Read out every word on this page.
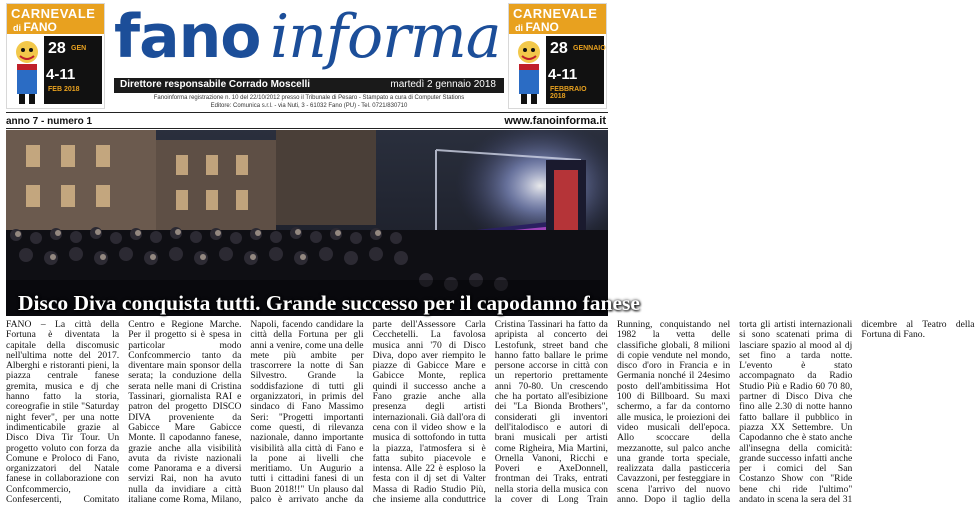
CARNEVALE
di FANO
28 GEN
4-11
FEB 2018
fano informa CARNEVALE
di FANO
28 GENNAIO
4-11
FEBBRAIO 2018
Direttore responsabile Corrado Moscelli	martedì 2 gennaio 2018
Fanoinforma registrazione n. 10 del 22/10/2012 presso il Tribunale di Pesaro - Stampato a cura di Computer Stations
Editore: Comunica s.r.l. - via Nuti, 3 - 61032 Fano (PU) - Tel. 0721/830710
anno 7 - numero 1	www.fanoinforma.it
Disco Diva conquista tutti. Grande successo per il capodanno fanese

FANO – La città della Fortuna è diventata la capitale della discomusic nell'ultima notte del 2017. Alberghi e ristoranti pieni, la piazza centrale fanese gremita, musica e dj che hanno fatto la storia, coreografie in stile "Saturday night fever", per una notte indimenticabile grazie al Disco Diva Tir Tour. Un progetto voluto con forza da Comune e Proloco di Fano, organizzatori del Natale fanese in collaborazione con Confcommercio, Confesercenti, Comitato Centro e Regione Marche. Per il progetto si è spesa in particolar modo Confcommercio tanto da diventare main sponsor della serata; la conduzione della serata nelle mani di Cristina Tassinari, giornalista RAI e patron del progetto DISCO DIVA proveniente da Gabicce Mare Gabicce Monte. Il capodanno fanese, grazie anche alla visibilità avuta da riviste nazionali come Panorama e a diversi servizi Rai, non ha avuto nulla da invidiare a città italiane come Roma, Milano, Napoli, facendo candidare la città della Fortuna per gli anni a venire, come una delle mete più ambite per trascorrere la notte di San Silvestro. Grande la soddisfazione di tutti gli organizzatori, in primis del sindaco di Fano Massimo Seri: "Progetti importanti come questi, di rilevanza nazionale, danno importante visibilità alla città di Fano e la pone ai livelli che meritiamo. Un Augurio a tutti i cittadini fanesi di un Buon 2018!!" Un plauso dal palco è arrivato anche da parte dell'Assessore Carla Cecchetelli. La favolosa musica anni '70 di Disco Diva, dopo aver riempito le piazze di Gabicce Mare e Gabicce Monte, replica quindi il successo anche a Fano grazie anche alla presenza degli artisti internazionali. Già dall'ora di cena con il video show e la musica di sottofondo in tutta la piazza, l'atmosfera si è fatta subito piacevole e intensa. Alle 22 è esploso la festa con il dj set di Valter Massa di Radio Studio Più, che insieme alla conduttrice Cristina Tassinari ha fatto da apripista al concerto dei Lestofunk, street band che hanno fatto ballare le prime persone accorse in città con un repertorio prettamente anni 70-80. Un crescendo che ha portato all'esibizione dei "La Bionda Brothers", considerati gli inventori dell'italodisco e autori di brani musicali per artisti come Righeira, Mia Martini, Ornella Vanoni, Ricchi e Poveri e AxeDonnell, frontman dei Traks, entrati nella storia della musica con la cover di Long Train Running, conquistando nel 1982 la vetta delle classifiche globali, 8 milioni di copie vendute nel mondo, disco d'oro in Francia e in Germania nonché il 24esimo posto dell'ambitissima Hot 100 di Billboard. Su maxi schermo, a far da contorno alle musica, le proiezioni dei video musicali dell'epoca. Allo scoccare della mezzanotte, sul palco anche una grande torta speciale, realizzata dalla pasticceria Cavazzoni, per festeggiare in scena l'arrivo del nuovo anno. Dopo il taglio della torta gli artisti internazionali si sono scatenati prima di lasciare spazio al mood al dj set fino a tarda notte. L'evento è stato accompagnato da Radio Studio Più e Radio 60 70 80, partner di Disco Diva che fino alle 2.30 di notte hanno fatto ballare il pubblico in piazza XX Settembre. Un Capodanno che è stato anche all'insegna della comicità: grande successo infatti anche per i comici del San Costanzo Show con "Ride bene chi ride l'ultimo" andato in scena la sera del 31 dicembre al Teatro della Fortuna di Fano.
